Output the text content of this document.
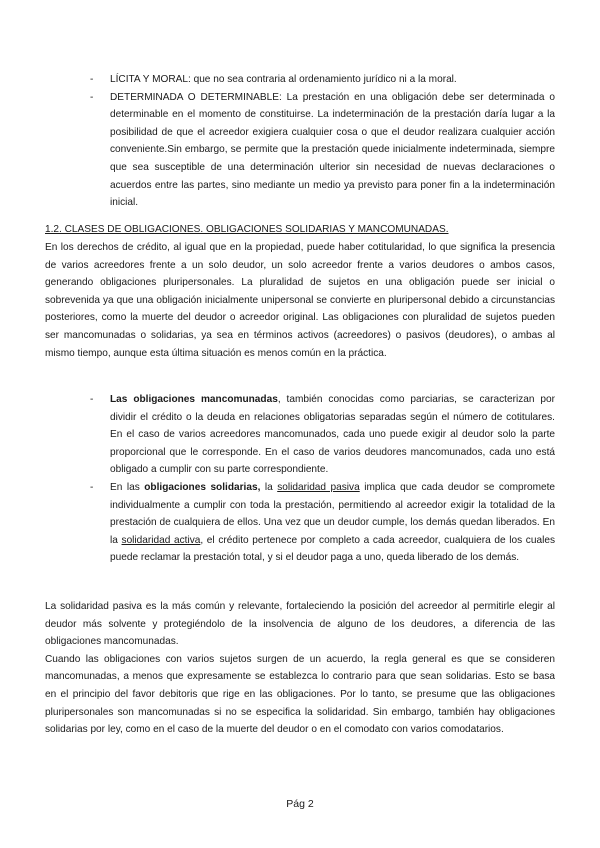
- LÍCITA Y MORAL: que no sea contraria al ordenamiento jurídico ni a la moral.
- DETERMINADA O DETERMINABLE: La prestación en una obligación debe ser determinada o determinable en el momento de constituirse. La indeterminación de la prestación daría lugar a la posibilidad de que el acreedor exigiera cualquier cosa o que el deudor realizara cualquier acción conveniente.Sin embargo, se permite que la prestación quede inicialmente indeterminada, siempre que sea susceptible de una determinación ulterior sin necesidad de nuevas declaraciones o acuerdos entre las partes, sino mediante un medio ya previsto para poner fin a la indeterminación inicial.
1.2. CLASES DE OBLIGACIONES. OBLIGACIONES SOLIDARIAS Y MANCOMUNADAS.

En los derechos de crédito, al igual que en la propiedad, puede haber cotitularidad, lo que significa la presencia de varios acreedores frente a un solo deudor, un solo acreedor frente a varios deudores o ambos casos, generando obligaciones pluripersonales. La pluralidad de sujetos en una obligación puede ser inicial o sobrevenida ya que una obligación inicialmente unipersonal se convierte en pluripersonal debido a circunstancias posteriores, como la muerte del deudor o acreedor original. Las obligaciones con pluralidad de sujetos pueden ser mancomunadas o solidarias, ya sea en términos activos (acreedores) o pasivos (deudores), o ambas al mismo tiempo, aunque esta última situación es menos común en la práctica.

- Las obligaciones mancomunadas, también conocidas como parciarias, se caracterizan por dividir el crédito o la deuda en relaciones obligatorias separadas según el número de cotitulares. En el caso de varios acreedores mancomunados, cada uno puede exigir al deudor solo la parte proporcional que le corresponde. En el caso de varios deudores mancomunados, cada uno está obligado a cumplir con su parte correspondiente.
- En las obligaciones solidarias, la solidaridad pasiva implica que cada deudor se compromete individualmente a cumplir con toda la prestación, permitiendo al acreedor exigir la totalidad de la prestación de cualquiera de ellos. Una vez que un deudor cumple, los demás quedan liberados. En la solidaridad activa, el crédito pertenece por completo a cada acreedor, cualquiera de los cuales puede reclamar la prestación total, y si el deudor paga a uno, queda liberado de los demás.

La solidaridad pasiva es la más común y relevante, fortaleciendo la posición del acreedor al permitirle elegir al deudor más solvente y protegiéndolo de la insolvencia de alguno de los deudores, a diferencia de las obligaciones mancomunadas.

Cuando las obligaciones con varios sujetos surgen de un acuerdo, la regla general es que se consideren mancomunadas, a menos que expresamente se establezca lo contrario para que sean solidarias. Esto se basa en el principio del favor debitoris que rige en las obligaciones. Por lo tanto, se presume que las obligaciones pluripersonales son mancomunadas si no se especifica la solidaridad. Sin embargo, también hay obligaciones solidarias por ley, como en el caso de la muerte del deudor o en el comodato con varios comodatarios.

Pág 2
